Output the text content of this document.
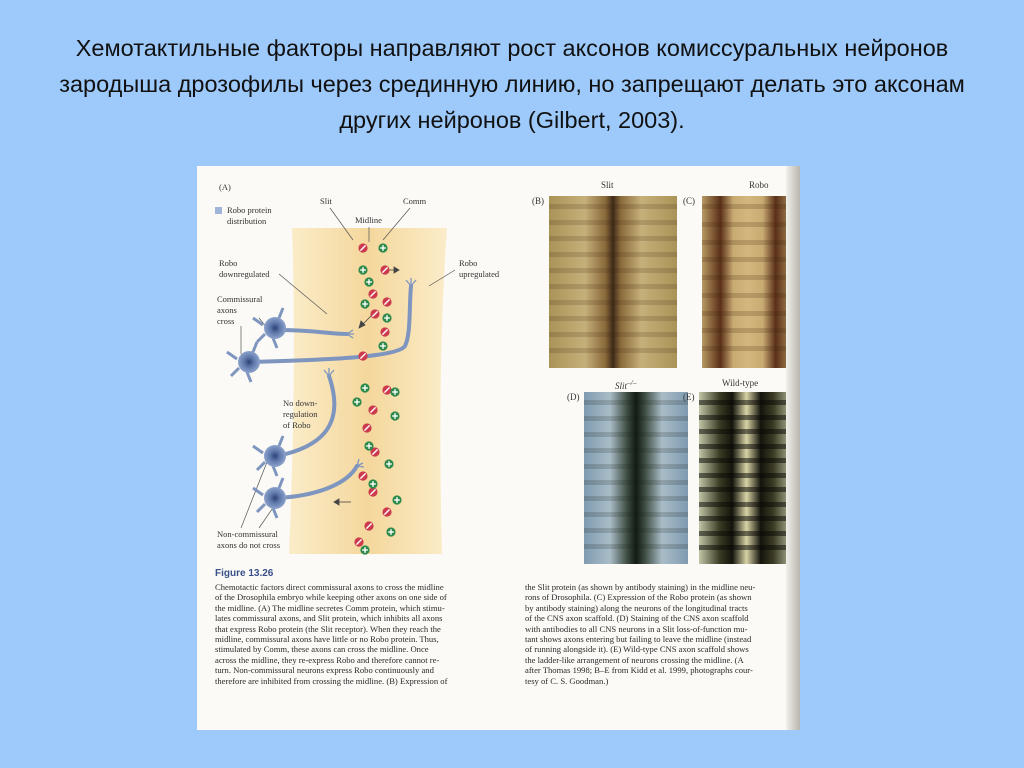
Хемотактильные факторы направляют рост аксонов комиссуральных нейронов зародыша дрозофилы через срединную линию, но запрещают делать это аксонам других нейронов (Gilbert, 2003).
(A)
Robo protein
distribution
Slit	Comm
Midline
Robo
downregulated
Robo
upregulated
Commissural
axons
cross
No down-
regulation
of Robo
Non-commissural
axons do not cross
(B)
Slit
(C)
Robo
(D)
Slit–/–
(E)
Wild-type
Figure 13.26
Chemotactic factors direct commissural axons to cross the midline
of the Drosophila embryo while keeping other axons on one side of
the midline. (A) The midline secretes Comm protein, which stimu-
lates commissural axons, and Slit protein, which inhibits all axons
that express Robo protein (the Slit receptor). When they reach the
midline, commissural axons have little or no Robo protein. Thus,
stimulated by Comm, these axons can cross the midline. Once
across the midline, they re-express Robo and therefore cannot re-
turn. Non-commissural neurons express Robo continuously and
therefore are inhibited from crossing the midline. (B) Expression of
the Slit protein (as shown by antibody staining) in the midline neu-
rons of Drosophila. (C) Expression of the Robo protein (as shown
by antibody staining) along the neurons of the longitudinal tracts
of the CNS axon scaffold. (D) Staining of the CNS axon scaffold
with antibodies to all CNS neurons in a Slit loss-of-function mu-
tant shows axons entering but failing to leave the midline (instead
of running alongside it). (E) Wild-type CNS axon scaffold shows
the ladder-like arrangement of neurons crossing the midline. (A
after Thomas 1998; B–E from Kidd et al. 1999, photographs cour-
tesy of C. S. Goodman.)
